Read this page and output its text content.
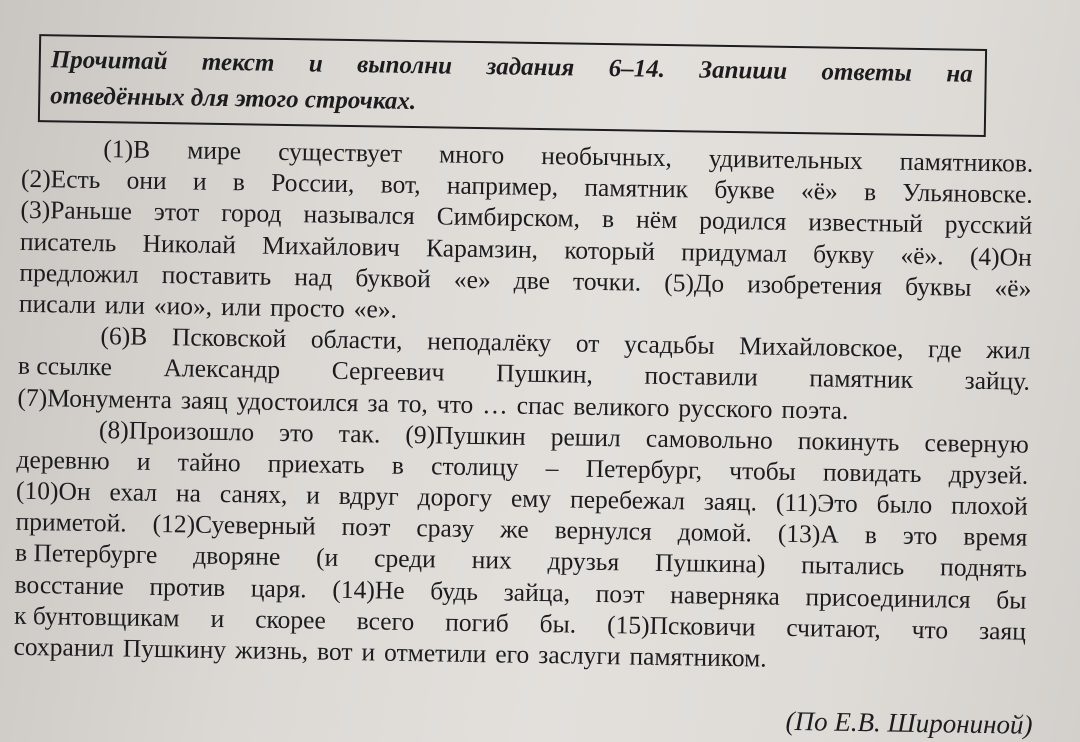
Прочитай текст и выполни задания 6–14. Запиши ответы на
отведённых для этого строчках.
(1)В мире существует много необычных, удивительных памятников.
(2)Есть они и в России, вот, например, памятник букве «ё» в Ульяновске.
(3)Раньше этот город назывался Симбирском, в нём родился известный русский
писатель Николай Михайлович Карамзин, который придумал букву «ё». (4)Он
предложил поставить над буквой «е» две точки. (5)До изобретения буквы «ё»
писали или «ио», или просто «е».
(6)В Псковской области, неподалёку от усадьбы Михайловское, где жил
в ссылке Александр Сергеевич Пушкин, поставили памятник зайцу.
(7)Монумента заяц удостоился за то, что … спас великого русского поэта.
(8)Произошло это так. (9)Пушкин решил самовольно покинуть северную
деревню и тайно приехать в столицу – Петербург, чтобы повидать друзей.
(10)Он ехал на санях, и вдруг дорогу ему перебежал заяц. (11)Это было плохой
приметой. (12)Суеверный поэт сразу же вернулся домой. (13)А в это время
в Петербурге дворяне (и среди них друзья Пушкина) пытались поднять
восстание против царя. (14)Не будь зайца, поэт наверняка присоединился бы
к бунтовщикам и скорее всего погиб бы. (15)Псковичи считают, что заяц
сохранил Пушкину жизнь, вот и отметили его заслуги памятником.
(По Е.В. Широниной)
